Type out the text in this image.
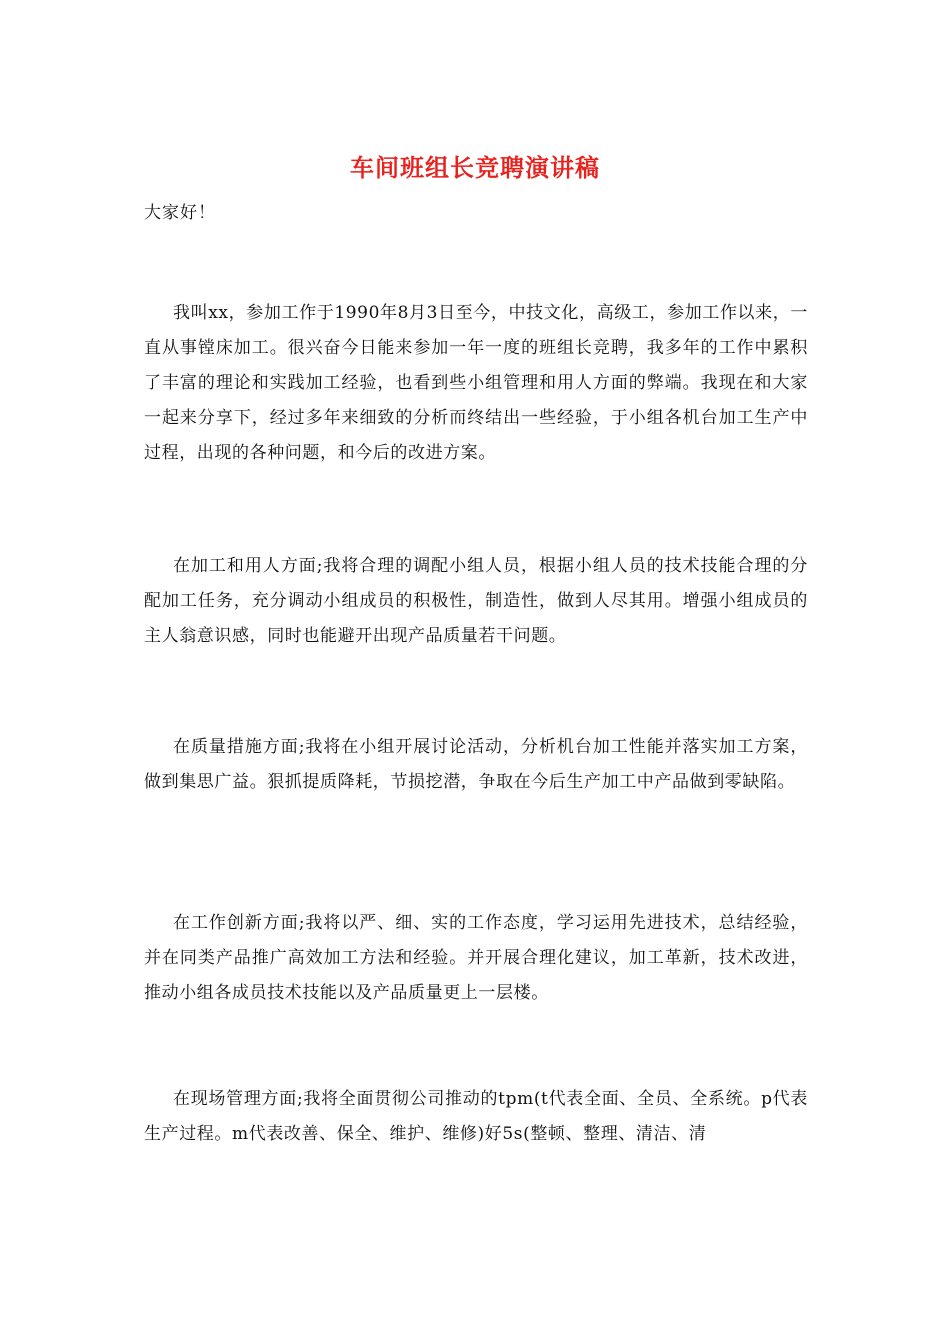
车间班组长竞聘演讲稿
大家好！

我叫xx，参加工作于1990年8月3日至今，中技文化，高级工，参加工作以来，一直从事镗床加工。很兴奋今日能来参加一年一度的班组长竞聘，我多年的工作中累积了丰富的理论和实践加工经验，也看到些小组管理和用人方面的弊端。我现在和大家一起来分享下，经过多年来细致的分析而终结出一些经验，于小组各机台加工生产中过程，出现的各种问题，和今后的改进方案。

在加工和用人方面;我将合理的调配小组人员，根据小组人员的技术技能合理的分配加工任务，充分调动小组成员的积极性，制造性，做到人尽其用。增强小组成员的主人翁意识感，同时也能避开出现产品质量若干问题。

在质量措施方面;我将在小组开展讨论活动，分析机台加工性能并落实加工方案，做到集思广益。狠抓提质降耗，节损挖潜，争取在今后生产加工中产品做到零缺陷。

在工作创新方面;我将以严、细、实的工作态度，学习运用先进技术，总结经验，并在同类产品推广高效加工方法和经验。并开展合理化建议，加工革新，技术改进，推动小组各成员技术技能以及产品质量更上一层楼。

在现场管理方面;我将全面贯彻公司推动的tpm(t代表全面、全员、全系统。p代表生产过程。m代表改善、保全、维护、维修)好5s(整顿、整理、清洁、清
